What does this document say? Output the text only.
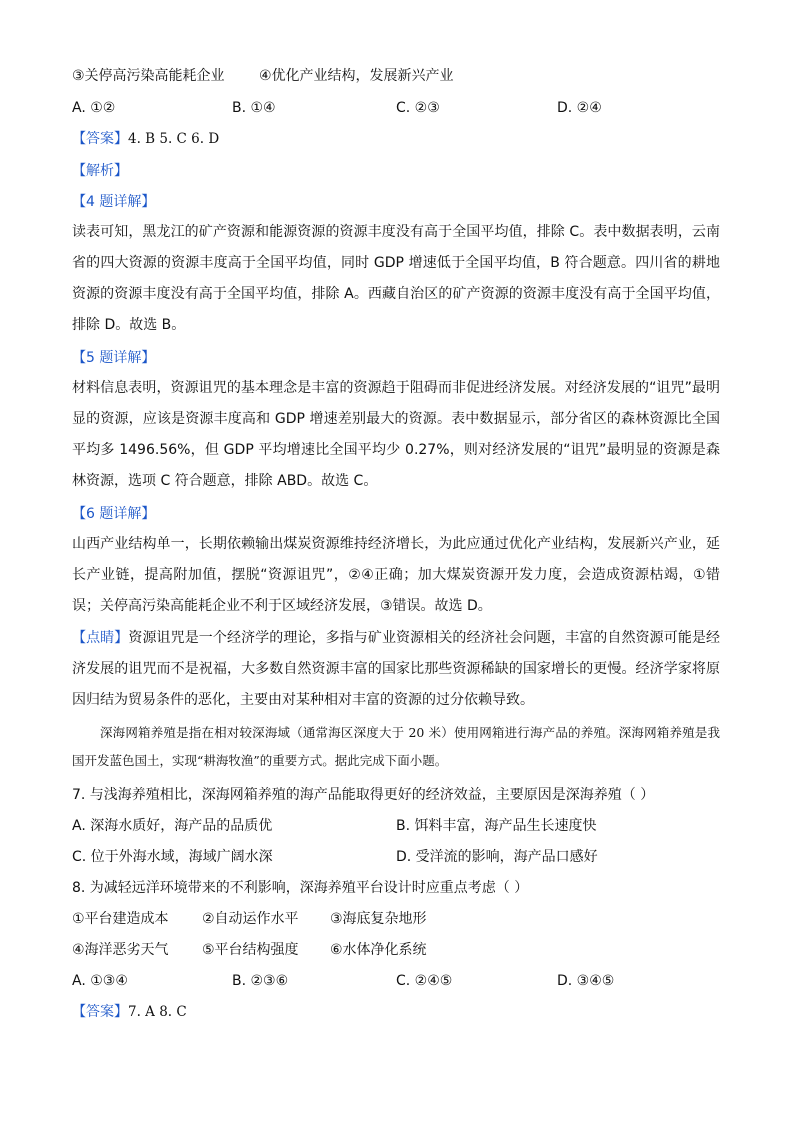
③关停高污染高能耗企业 ④优化产业结构，发展新兴产业
A. ①②	B. ①④	C. ②③	D. ②④
【答案】4. B 5. C 6. D
【解析】
【4 题详解】
读表可知，黑龙江的矿产资源和能源资源的资源丰度没有高于全国平均值，排除 C。表中数据表明，云南省的四大资源的资源丰度高于全国平均值，同时 GDP 增速低于全国平均值，B 符合题意。四川省的耕地资源的资源丰度没有高于全国平均值，排除 A。西藏自治区的矿产资源的资源丰度没有高于全国平均值，排除 D。故选 B。
【5 题详解】
材料信息表明，资源诅咒的基本理念是丰富的资源趋于阻碍而非促进经济发展。对经济发展的“诅咒”最明显的资源，应该是资源丰度高和 GDP 增速差别最大的资源。表中数据显示，部分省区的森林资源比全国平均多 1496.56%，但 GDP 平均增速比全国平均少 0.27%，则对经济发展的“诅咒”最明显的资源是森林资源，选项 C 符合题意，排除 ABD。故选 C。
【6 题详解】
山西产业结构单一，长期依赖输出煤炭资源维持经济增长，为此应通过优化产业结构，发展新兴产业，延长产业链，提高附加值，摆脱“资源诅咒”，②④正确；加大煤炭资源开发力度，会造成资源枯竭，①错误；关停高污染高能耗企业不利于区域经济发展，③错误。故选 D。
【点睛】资源诅咒是一个经济学的理论，多指与矿业资源相关的经济社会问题，丰富的自然资源可能是经济发展的诅咒而不是祝福，大多数自然资源丰富的国家比那些资源稀缺的国家增长的更慢。经济学家将原因归结为贸易条件的恶化，主要由对某种相对丰富的资源的过分依赖导致。
深海网箱养殖是指在相对较深海域（通常海区深度大于 20 米）使用网箱进行海产品的养殖。深海网箱养殖是我国开发蓝色国土，实现“耕海牧渔”的重要方式。据此完成下面小题。
7. 与浅海养殖相比，深海网箱养殖的海产品能取得更好的经济效益，主要原因是深海养殖（ ）
A. 深海水质好，海产品的品质优	B. 饵料丰富，海产品生长速度快
C. 位于外海水域，海域广阔水深	D. 受洋流的影响，海产品口感好
8. 为减轻远洋环境带来的不利影响，深海养殖平台设计时应重点考虑（ ）
①平台建造成本 ②自动运作水平 ③海底复杂地形
④海洋恶劣天气 ⑤平台结构强度 ⑥水体净化系统
A. ①③④	B. ②③⑥	C. ②④⑤	D. ③④⑤
【答案】7. A 8. C
